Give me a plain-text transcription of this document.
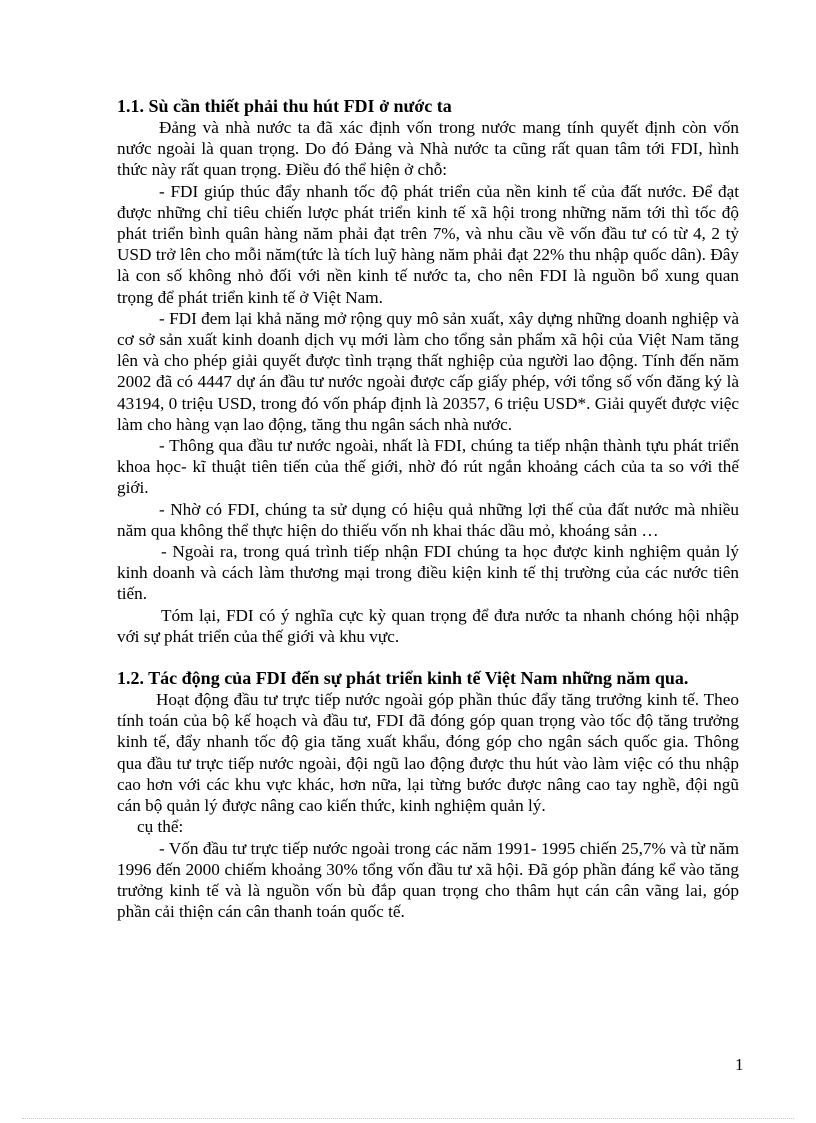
1.1. Sù cần thiết phải thu hút FDI ở nước ta

Đảng và nhà nước ta đã xác định vốn trong nước mang tính quyết định còn vốn nước ngoài là quan trọng. Do đó Đảng và Nhà nước ta cũng rất quan tâm tới FDI, hình thức này rất quan trọng. Điều đó thể hiện ở chỗ:

- FDI giúp thúc đẩy nhanh tốc độ phát triển của nền kinh tế của đất nước. Để đạt được những chỉ tiêu chiến lược phát triển kinh tế xã hội trong những năm tới thì tốc độ phát triển bình quân hàng năm phải đạt trên 7%, và nhu cầu về vốn đầu tư có từ 4, 2 tỷ USD trở lên cho mỗi năm(tức là tích luỹ hàng năm phải đạt 22% thu nhập quốc dân). Đây là con số không nhỏ đối với nền kinh tế nước ta, cho nên FDI là nguồn bổ xung quan trọng để phát triển kinh tế ở Việt Nam.

- FDI đem lại khả năng mở rộng quy mô sản xuất, xây dựng những doanh nghiệp và cơ sở sản xuất kinh doanh dịch vụ mới làm cho tổng sản phẩm xã hội của Việt Nam tăng lên và cho phép giải quyết được tình trạng thất nghiệp của người lao động. Tính đến năm 2002 đã có 4447 dự án đầu tư nước ngoài được cấp giấy phép, với tổng số vốn đăng ký là 43194, 0 triệu USD, trong đó vốn pháp định là 20357, 6 triệu USD*. Giải quyết được việc làm cho hàng vạn lao động, tăng thu ngân sách nhà nước.

- Thông qua đầu tư nước ngoài, nhất là FDI, chúng ta tiếp nhận thành tựu phát triển khoa học- kĩ thuật tiên tiến của thế giới, nhờ đó rút ngắn khoảng cách của ta so với thế giới.

- Nhờ có FDI, chúng ta sử dụng có hiệu quả những lợi thế của đất nước mà nhiều năm qua không thể thực hiện do thiếu vốn nh khai thác dầu mỏ, khoáng sản …

- Ngoài ra, trong quá trình tiếp nhận FDI chúng ta học được kinh nghiệm quản lý kinh doanh và cách làm thương mại trong điều kiện kinh tế thị trường của các nước tiên tiến.

Tóm lại, FDI có ý nghĩa cực kỳ quan trọng để đưa nước ta nhanh chóng hội nhập với sự phát triển của thế giới và khu vực.

1.2. Tác động của FDI đến sự phát triển kinh tế Việt Nam những năm qua.

Hoạt động đầu tư trực tiếp nước ngoài góp phần thúc đẩy tăng trưởng kinh tế. Theo tính toán của bộ kế hoạch và đầu tư, FDI đã đóng góp quan trọng vào tốc độ tăng trưởng kinh tế, đẩy nhanh tốc độ gia tăng xuất khẩu, đóng góp cho ngân sách quốc gia. Thông qua đầu tư trực tiếp nước ngoài, đội ngũ lao động được thu hút vào làm việc có thu nhập cao hơn với các khu vực khác, hơn nữa, lại từng bước được nâng cao tay nghề, đội ngũ cán bộ quản lý được nâng cao kiến thức, kinh nghiệm quản lý.

cụ thể:

- Vốn đầu tư trực tiếp nước ngoài trong các năm 1991- 1995 chiến 25,7% và từ năm 1996 đến 2000 chiếm khoảng 30% tổng vốn đầu tư xã hội. Đã góp phần đáng kể vào tăng trưởng kinh tế và là nguồn vốn bù đắp quan trọng cho thâm hụt cán cân vãng lai, góp phần cải thiện cán cân thanh toán quốc tế.

1
